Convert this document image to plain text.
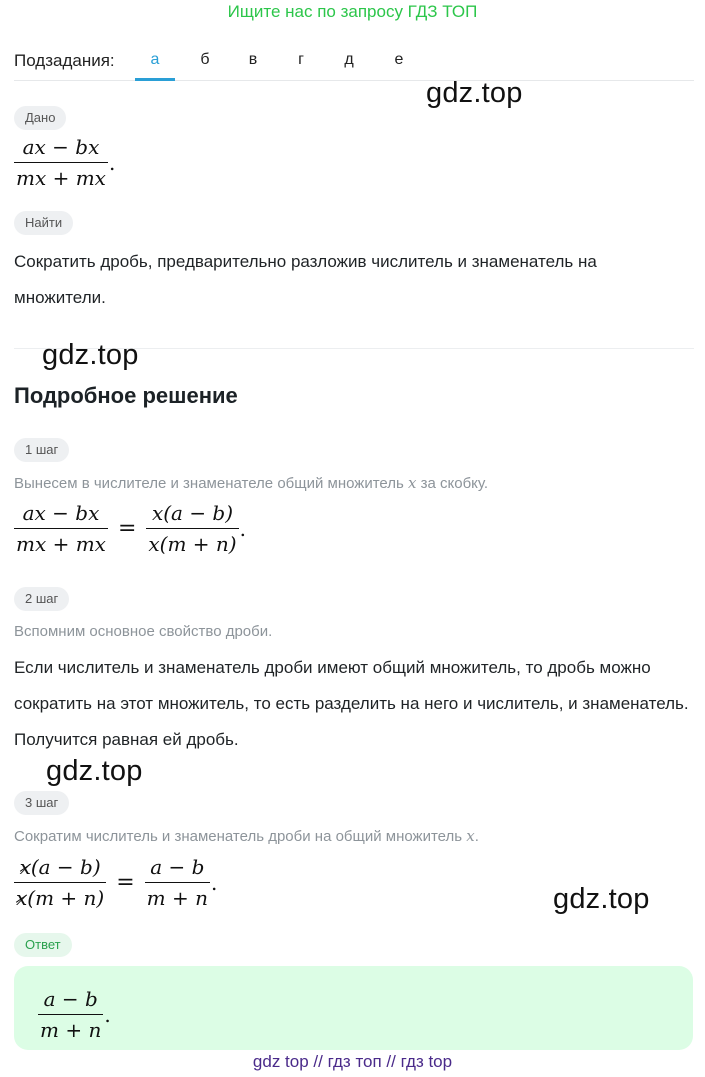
Ищите нас по запросу ГДЗ ТОП
Подзадания:	а	б	в	г	д	е
gdz.top
Дано
$\frac{ax - bx}{mx + mx}$ .
Найти
Сократить дробь, предварительно разложив числитель и знаменатель на множители.
gdz.top
Подробное решение
1 шаг
Вынесем в числителе и знаменателе общий множитель x за скобку.
$\frac{ax - bx}{mx + mx} = \frac{x(a - b)}{x(m + n)}$ .
2 шаг
Вспомним основное свойство дроби.
Если числитель и знаменатель дроби имеют общий множитель, то дробь можно сократить на этот множитель, то есть разделить на него и числитель, и знаменатель. Получится равная ей дробь.
gdz.top
3 шаг
Сократим числитель и знаменатель дроби на общий множитель x.
$\frac{x(a - b)}{x(m + n)} = \frac{a - b}{m + n}$ .
gdz.top
Ответ
$\frac{a - b}{m + n}$ .
gdz top // гдз топ // гдз top
